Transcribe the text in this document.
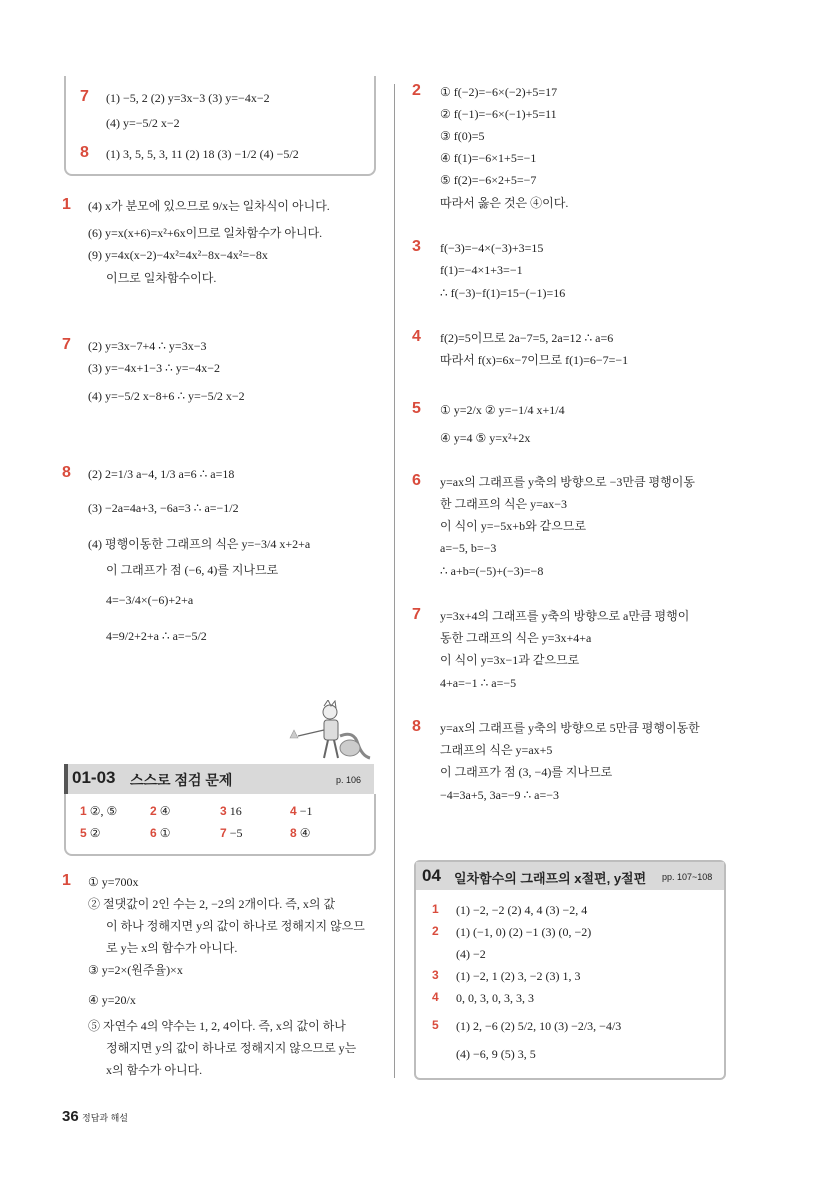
7 (1) −5, 2 (2) y=3x−3 (3) y=−4x−2
(4) y=−5/2 x−2
8 (1) 3, 5, 5, 3, 11 (2) 18 (3) −1/2 (4) −5/2
1 (4) x가 분모에 있으므로 9/x는 일차식이 아니다.
(6) y=x(x+6)=x²+6x이므로 일차함수가 아니다.
(9) y=4x(x−2)−4x²=4x²−8x−4x²=−8x
이므로 일차함수이다.
7 (2) y=3x−7+4 ∴ y=3x−3
(3) y=−4x+1−3 ∴ y=−4x−2
(4) y=−5/2 x−8+6 ∴ y=−5/2 x−2
8 (2) 2=1/3 a−4, 1/3 a=6 ∴ a=18
(3) −2a=4a+3, −6a=3 ∴ a=−1/2
(4) 평행이동한 그래프의 식은 y=−3/4 x+2+a
이 그래프가 점 (−6, 4)를 지나므로
4=−3/4×(−6)+2+a
4=9/2+2+a ∴ a=−5/2
01-03 스스로 점검 문제	p. 106
1 ②, ⑤	2 ④	3 16	4 −1
5 ②	6 ①	7 −5	8 ④
1 ① y=700x
② 절댓값이 2인 수는 2, −2의 2개이다. 즉, x의 값
이 하나 정해지면 y의 값이 하나로 정해지지 않으므
로 y는 x의 함수가 아니다.
③ y=2×(원주율)×x
④ y=20/x
⑤ 자연수 4의 약수는 1, 2, 4이다. 즉, x의 값이 하나
정해지면 y의 값이 하나로 정해지지 않으므로 y는
x의 함수가 아니다.
2 ① f(−2)=−6×(−2)+5=17
② f(−1)=−6×(−1)+5=11
③ f(0)=5
④ f(1)=−6×1+5=−1
⑤ f(2)=−6×2+5=−7
따라서 옳은 것은 ④이다.
3 f(−3)=−4×(−3)+3=15
f(1)=−4×1+3=−1
∴ f(−3)−f(1)=15−(−1)=16
4 f(2)=5이므로 2a−7=5, 2a=12 ∴ a=6
따라서 f(x)=6x−7이므로 f(1)=6−7=−1
5 ① y=2/x ② y=−1/4 x+1/4
④ y=4 ⑤ y=x²+2x
6 y=ax의 그래프를 y축의 방향으로 −3만큼 평행이동
한 그래프의 식은 y=ax−3
이 식이 y=−5x+b와 같으므로
a=−5, b=−3
∴ a+b=(−5)+(−3)=−8
7 y=3x+4의 그래프를 y축의 방향으로 a만큼 평행이
동한 그래프의 식은 y=3x+4+a
이 식이 y=3x−1과 같으므로
4+a=−1 ∴ a=−5
8 y=ax의 그래프를 y축의 방향으로 5만큼 평행이동한
그래프의 식은 y=ax+5
이 그래프가 점 (3, −4)를 지나므로
−4=3a+5, 3a=−9 ∴ a=−3
04 일차함수의 그래프의 x절편, y절편 pp. 107~108
1 (1) −2, −2 (2) 4, 4 (3) −2, 4
2 (1) (−1, 0) (2) −1 (3) (0, −2)
(4) −2
3 (1) −2, 1 (2) 3, −2 (3) 1, 3
4 0, 0, 3, 0, 3, 3, 3
5 (1) 2, −6 (2) 5/2, 10 (3) −2/3, −4/3
(4) −6, 9 (5) 3, 5
36 정답과 해설
